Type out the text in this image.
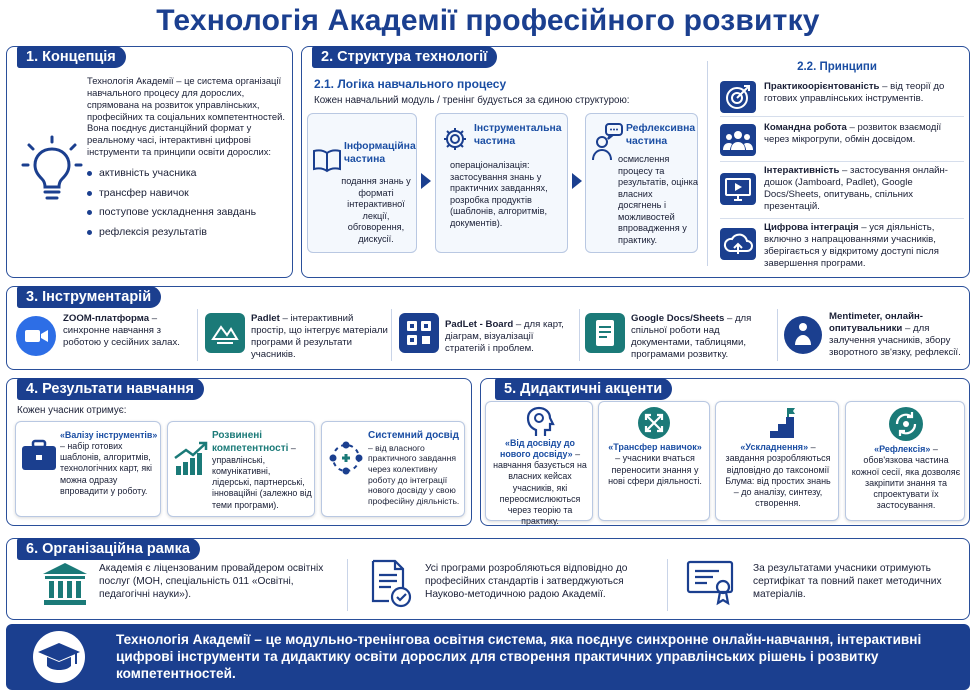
Технологія Академії професійного розвитку
1. Концепція
Технологія Академії – це система організації навчального процесу для дорослих, спрямована на розвиток управлінських, професійних та соціальних компетентностей. Вона поєднує дистанційний формат у реальному часі, інтерактивні цифрові інструменти та принципи освіти дорослих:
активність учасника
трансфер навичок
поступове ускладнення завдань
рефлексія результатів
2. Структура технології
2.1. Логіка навчального процесу
Кожен навчальний модуль / тренінг будується за єдиною структурою:
Інформаційна частина
подання знань у форматі інтерактивної лекції, обговорення, дискусії.
Інструментальна частина
операціоналізація: застосування знань у практичних завданнях, розробка продуктів (шаблонів, алгоритмів, документів).
Рефлексивна частина
осмислення процесу та результатів, оцінка власних досягнень і можливостей впровадження у практику.
2.2. Принципи
Практикоорієнтованість – від теорії до готових управлінських інструментів.
Командна робота – розвиток взаємодії через мікрогрупи, обмін досвідом.
Інтерактивність – застосування онлайн-дошок (Jamboard, Padlet), Google Docs/Sheets, опитувань, спільних презентацій.
Цифрова інтеграція – уся діяльність, включно з напрацюваннями учасників, зберігається у відкритому доступі після завершення програми.
3. Інструментарій
ZOOM-платформа – синхронне навчання з роботою у сесійних залах.
Padlet – інтерактивний простір, що інтегрує матеріали програми й результати учасників.
PadLet - Board – для карт, діаграм, візуалізації стратегій і проблем.
Google Docs/Sheets – для спільної роботи над документами, таблицями, програмами розвитку.
Mentimeter, онлайн-опитувальники – для залучення учасників, збору зворотного зв'язку, рефлексії.
4. Результати навчання
Кожен учасник отримує:
«Валізу інструментів» – набір готових шаблонів, алгоритмів, технологічних карт, які можна одразу впровадити у роботу.
Розвинені компетентності – управлінські, комунікативні, лідерські, партнерські, інноваційні (залежно від теми програми).
Системний досвід – від власного практичного завдання через колективну роботу до інтеграції нового досвіду у свою професійну діяльність.
5. Дидактичні акценти
«Від досвіду до нового досвіду» – навчання базується на власних кейсах учасників, які переосмислюються через теорію та практику.
«Трансфер навичок» – учасники вчаться переносити знання у нові сфери діяльності.
«Ускладнення» – завдання розробляються відповідно до таксономії Блума: від простих знань – до аналізу, синтезу, створення.
«Рефлексія» – обов'язкова частина кожної сесії, яка дозволяє закріпити знання та спроектувати їх застосування.
6. Організаційна рамка
Академія є ліцензованим провайдером освітніх послуг (МОН, спеціальність 011 «Освітні, педагогічні науки»).
Усі програми розробляються відповідно до професійних стандартів і затверджуються Науково-методичною радою Академії.
За результатами учасники отримують сертифікат та повний пакет методичних матеріалів.
Технологія Академії – це модульно-тренінгова освітня система, яка поєднує синхронне онлайн-навчання, інтерактивні цифрові інструменти та дидактику освіти дорослих для створення практичних управлінських рішень і розвитку компетентностей.
